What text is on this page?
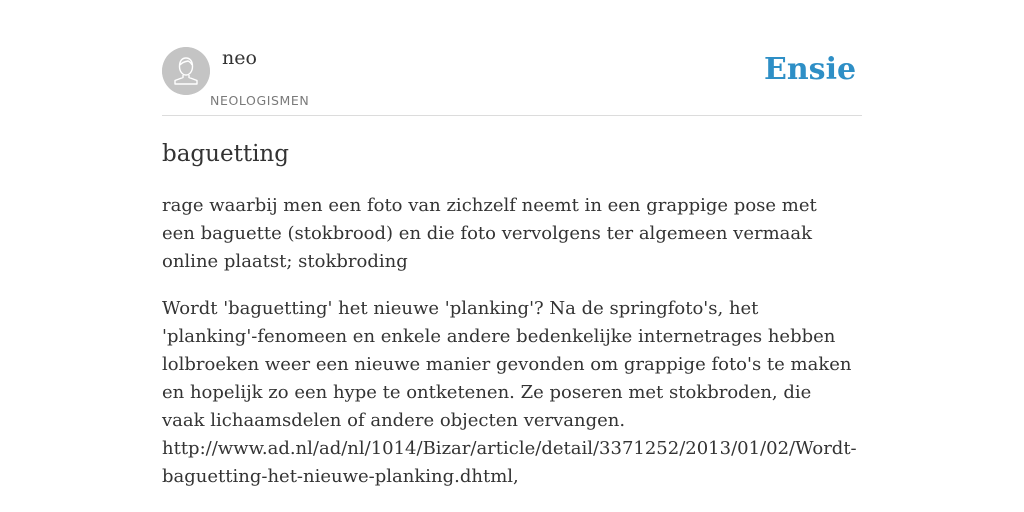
neo
NEOLOGISMEN
Ensie
baguetting

rage waarbij men een foto van zichzelf neemt in een grappige pose met een baguette (stokbrood) en die foto vervolgens ter algemeen vermaak online plaatst; stokbroding

Wordt 'baguetting' het nieuwe 'planking'? Na de springfoto's, het 'planking'-fenomeen en enkele andere bedenkelijke internetrages hebben lolbroeken weer een nieuwe manier gevonden om grappige foto's te maken en hopelijk zo een hype te ontketenen. Ze poseren met stokbroden, die vaak lichaamsdelen of andere objecten vervangen. http://www.ad.nl/ad/nl/1014/Bizar/article/detail/3371252/2013/01/02/Wordt-baguetting-het-nieuwe-planking.dhtml,
